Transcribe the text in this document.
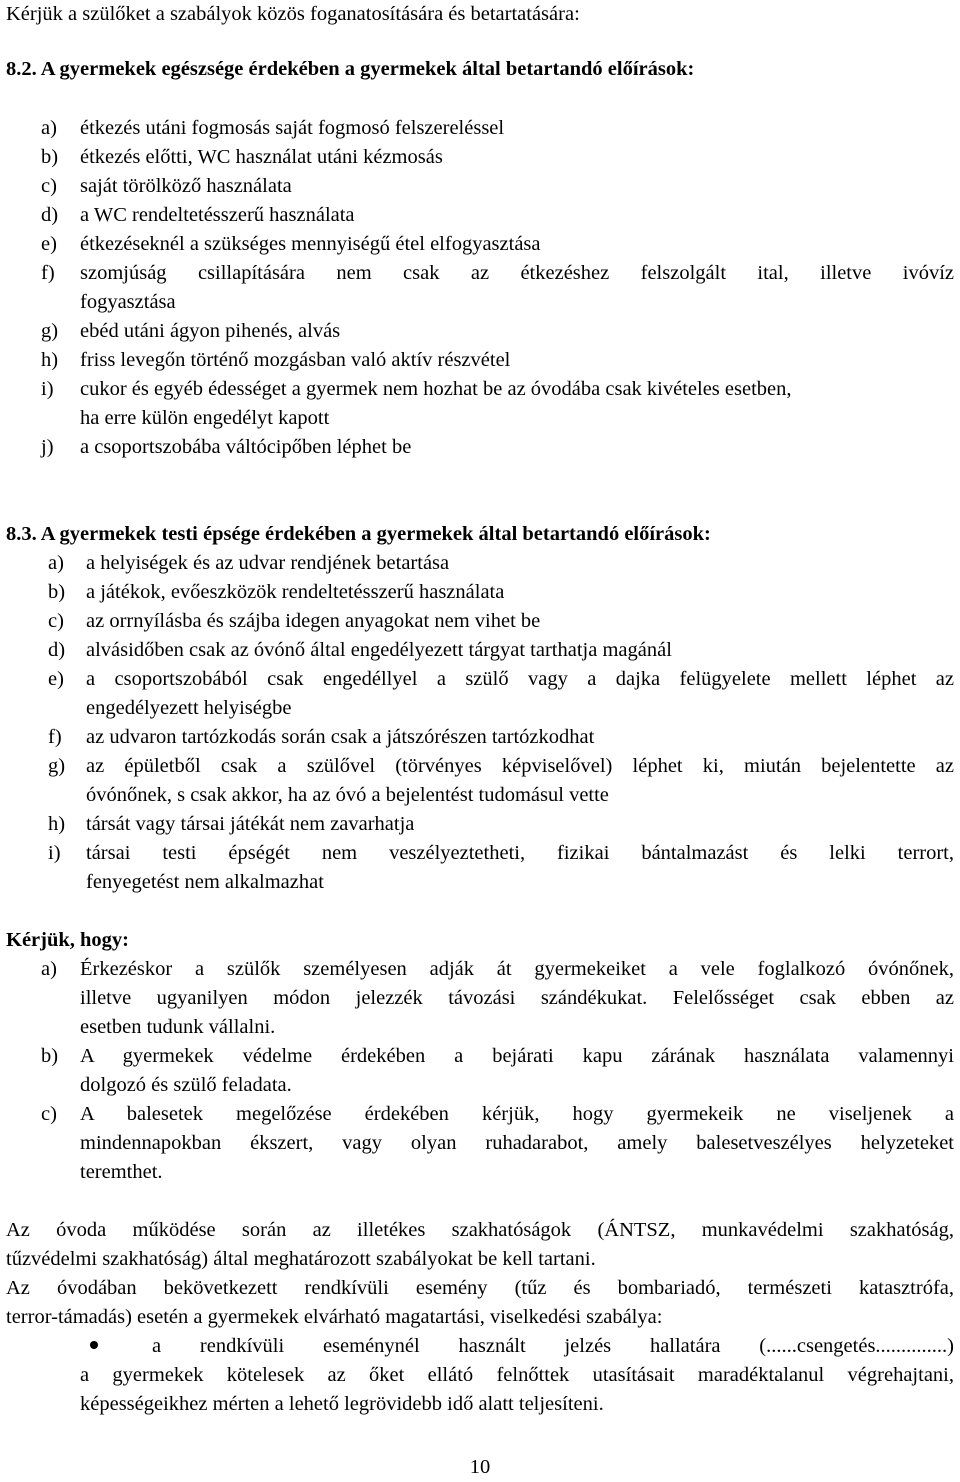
Kérjük a szülőket a szabályok közös foganatosítására és betartatására:
8.2. A gyermekek egészsége érdekében a gyermekek által betartandó előírások:
a) étkezés utáni fogmosás saját fogmosó felszereléssel
b) étkezés előtti, WC használat utáni kézmosás
c) saját törölköző használata
d) a WC rendeltetésszerű használata
e) étkezéseknél a szükséges mennyiségű étel elfogyasztása
f) szomjúság csillapítására nem csak az étkezéshez felszolgált ital, illetve ivóvíz
fogyasztása
g) ebéd utáni ágyon pihenés, alvás
h) friss levegőn történő mozgásban való aktív részvétel
i) cukor és egyéb édességet a gyermek nem hozhat be az óvodába csak kivételes esetben,
ha erre külön engedélyt kapott
j) a csoportszobába váltócipőben léphet be
8.3. A gyermekek testi épsége érdekében a gyermekek által betartandó előírások:
a) a helyiségek és az udvar rendjének betartása
b) a játékok, evőeszközök rendeltetésszerű használata
c) az orrnyílásba és szájba idegen anyagokat nem vihet be
d) alvásidőben csak az óvónő által engedélyezett tárgyat tarthatja magánál
e) a csoportszobából csak engedéllyel a szülő vagy a dajka felügyelete mellett léphet az
engedélyezett helyiségbe
f) az udvaron tartózkodás során csak a játszórészen tartózkodhat
g) az épületből csak a szülővel (törvényes képviselővel) léphet ki, miután bejelentette az
óvónőnek, s csak akkor, ha az óvó a bejelentést tudomásul vette
h) társát vagy társai játékát nem zavarhatja
i) társai testi épségét nem veszélyeztetheti, fizikai bántalmazást és lelki terrort,
fenyegetést nem alkalmazhat
Kérjük, hogy:
a) Érkezéskor a szülők személyesen adják át gyermekeiket a vele foglalkozó óvónőnek,
illetve ugyanilyen módon jelezzék távozási szándékukat. Felelősséget csak ebben az
esetben tudunk vállalni.
b) A gyermekek védelme érdekében a bejárati kapu zárának használata valamennyi
dolgozó és szülő feladata.
c) A balesetek megelőzése érdekében kérjük, hogy gyermekeik ne viseljenek a
mindennapokban ékszert, vagy olyan ruhadarabot, amely balesetveszélyes helyzeteket
teremthet.
Az óvoda működése során az illetékes szakhatóságok (ÁNTSZ, munkavédelmi szakhatóság,
tűzvédelmi szakhatóság) által meghatározott szabályokat be kell tartani.
Az óvodában bekövetkezett rendkívüli esemény (tűz és bombariadó, természeti katasztrófa,
terror-támadás) esetén a gyermekek elvárható magatartási, viselkedési szabálya:
a rendkívüli eseménynél használt jelzés hallatára (......csengetés..............)
a gyermekek kötelesek az őket ellátó felnőttek utasításait maradéktalanul végrehajtani,
képességeikhez mérten a lehető legrövidebb idő alatt teljesíteni.
10
